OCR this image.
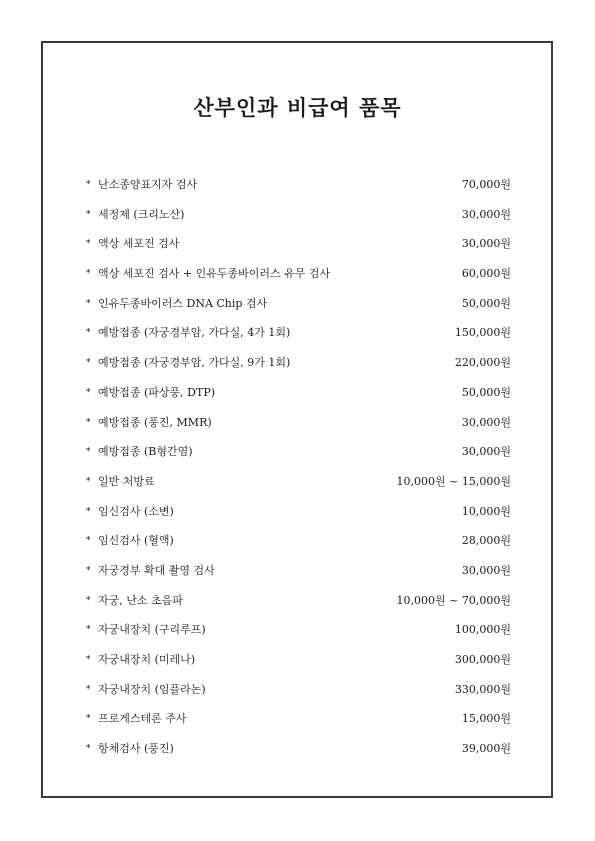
산부인과 비급여 품목
* 난소종양표지자 검사	70,000원
* 세정제 (크리노산)	30,000원
* 액상 세포진 검사	30,000원
* 액상 세포진 검사 + 인유두종바이러스 유무 검사	60,000원
* 인유두종바이러스 DNA Chip 검사	50,000원
* 예방접종 (자궁경부암, 가다실, 4가 1회)	150,000원
* 예방접종 (자궁경부암, 가다실, 9가 1회)	220,000원
* 예방접종 (파상풍, DTP)	50,000원
* 예방접종 (풍진, MMR)	30,000원
* 예방접종 (B형간염)	30,000원
* 일반 처방료	10,000원 ~ 15,000원
* 임신검사 (소변)	10,000원
* 임신검사 (혈액)	28,000원
* 자궁경부 확대 촬영 검사	30,000원
* 자궁, 난소 초음파	10,000원 ~ 70,000원
* 자궁내장치 (구리루프)	100,000원
* 자궁내장치 (미레나)	300,000원
* 자궁내장치 (임플라논)	330,000원
* 프로게스테론 주사	15,000원
* 항체검사 (풍진)	39,000원
